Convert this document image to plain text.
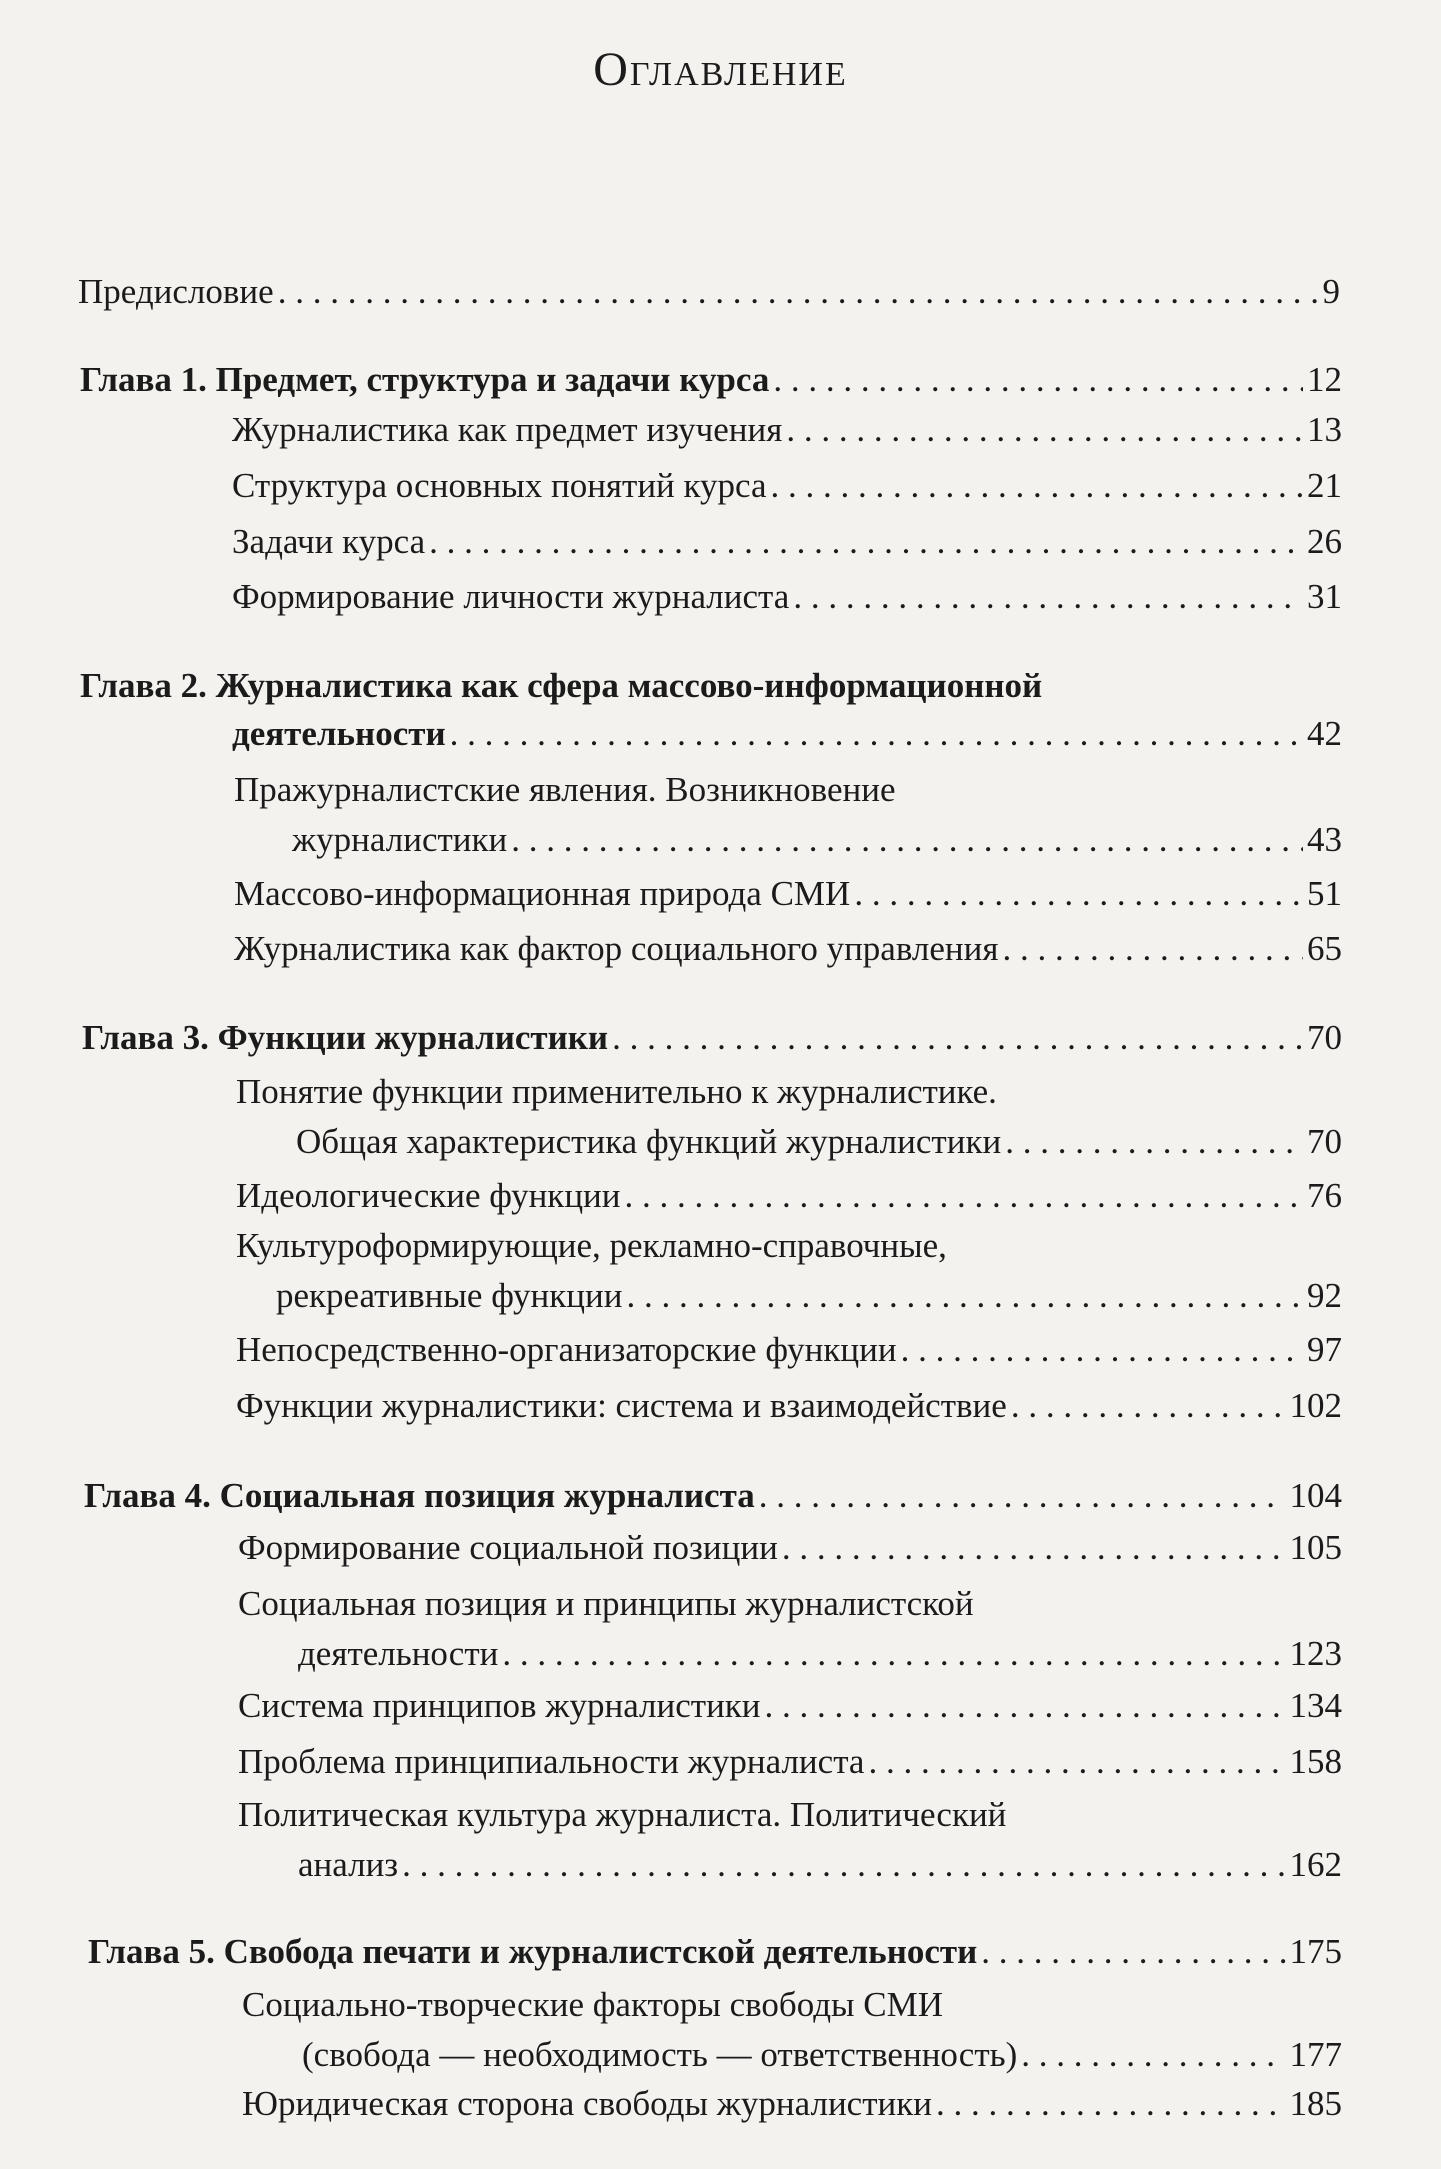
Оглавление
Предисловие . . .	9
Глава 1. Предмет, структура и задачи курса . . .	12
Журналистика как предмет изучения . . .	13
Структура основных понятий курса . . .	21
Задачи курса . . .	26
Формирование личности журналиста . . .	31
Глава 2. Журналистика как сфера массово-информационной
деятельности . . .	42
Пражурналистские явления. Возникновение
журналистики . . .	43
Массово-информационная природа СМИ . . .	51
Журналистика как фактор социального управления . . .	65
Глава 3. Функции журналистики . . .	70
Понятие функции применительно к журналистике.
Общая характеристика функций журналистики . . .	70
Идеологические функции . . .	76
Культуроформирующие, рекламно-справочные,
рекреативные функции . . .	92
Непосредственно-организаторские функции . . .	97
Функции журналистики: система и взаимодействие . . .	102
Глава 4. Социальная позиция журналиста . . .	104
Формирование социальной позиции . . .	105
Социальная позиция и принципы журналистской
деятельности . . .	123
Система принципов журналистики . . .	134
Проблема принципиальности журналиста . . .	158
Политическая культура журналиста. Политический
анализ . . .	162
Глава 5. Свобода печати и журналистской деятельности . . .	175
Социально-творческие факторы свободы СМИ
(свобода — необходимость — ответственность) . . .	177
Юридическая сторона свободы журналистики . . .	185
